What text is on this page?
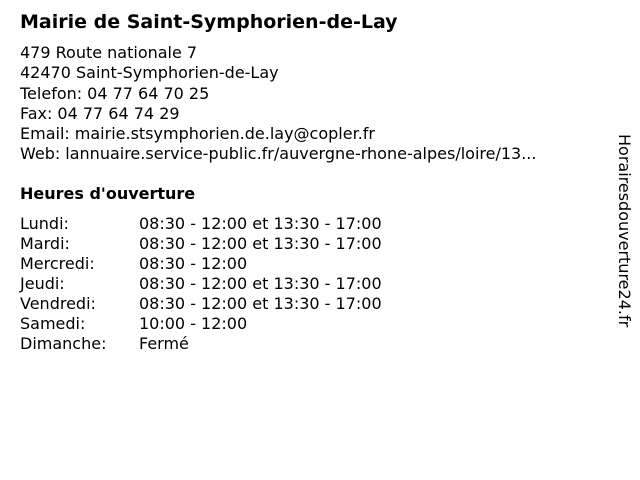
Mairie de Saint-Symphorien-de-Lay
479 Route nationale 7
42470 Saint-Symphorien-de-Lay
Telefon: 04 77 64 70 25
Fax: 04 77 64 74 29
Email: mairie.stsymphorien.de.lay@copler.fr
Web: lannuaire.service-public.fr/auvergne-rhone-alpes/loire/13...
Heures d'ouverture
Lundi:	08:30 - 12:00 et 13:30 - 17:00
Mardi:	08:30 - 12:00 et 13:30 - 17:00
Mercredi:	08:30 - 12:00
Jeudi:	08:30 - 12:00 et 13:30 - 17:00
Vendredi:	08:30 - 12:00 et 13:30 - 17:00
Samedi:	10:00 - 12:00
Dimanche: Fermé
Horairesdouverture24.fr
